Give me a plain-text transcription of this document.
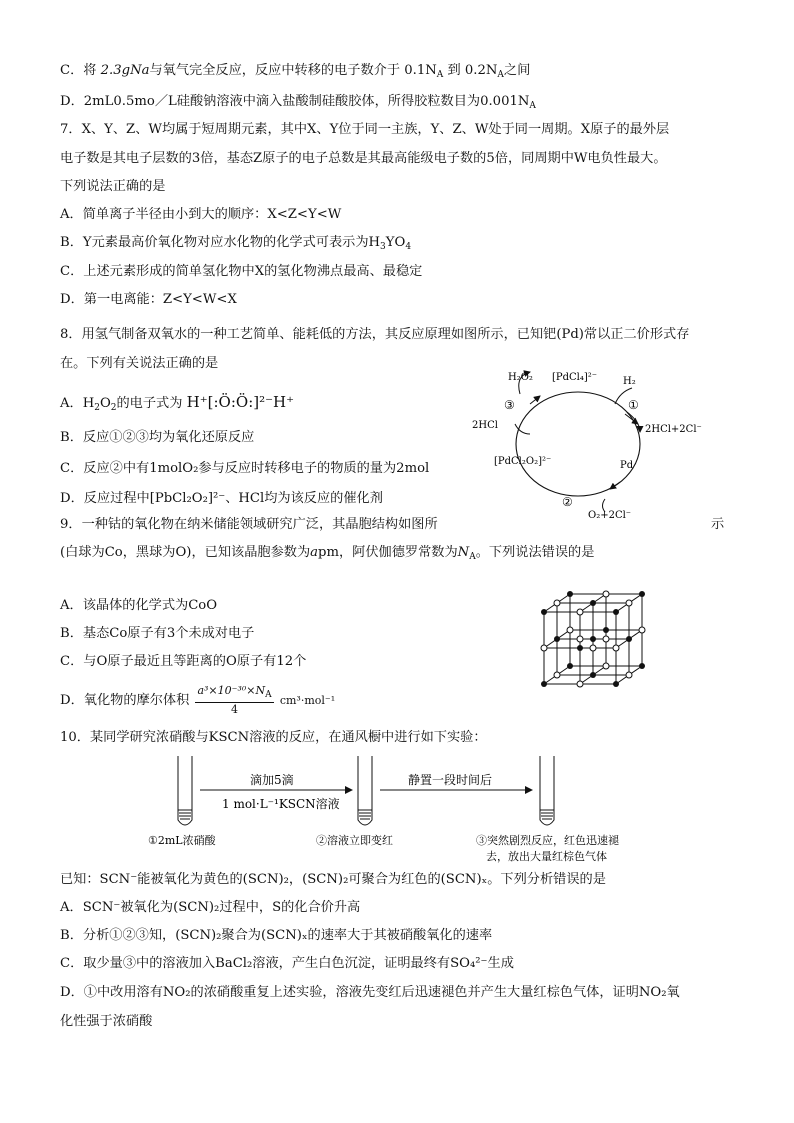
C．将 2.3gNa与氧气完全反应，反应中转移的电子数介于 $0.1N_A$ 到 $0.2N_A$之间
D．2mL0.5mo／L硅酸钠溶液中滴入盐酸制硅酸胶体，所得胶粒数目为$0.001N_A$
7．X、Y、Z、W均属于短周期元素，其中X、Y位于同一主族，Y、Z、W处于同一周期。X原子的最外层
电子数是其电子层数的3倍，基态Z原子的电子总数是其最高能级电子数的5倍，同周期中W电负性最大。
下列说法正确的是
A．简单离子半径由小到大的顺序：X<Z<Y<W
B．Y元素最高价氧化物对应水化物的化学式可表示为$H_3YO_4$
C．上述元素形成的简单氢化物中X的氢化物沸点最高、最稳定
D．第一电离能：Z<Y<W<X
8．用氢气制备双氧水的一种工艺简单、能耗低的方法，其反应原理如图所示，已知钯(Pd)常以正二价形式存
在。下列有关说法正确的是
A．$H_2O_2$的电子式为 H⁺[:Ö:Ö:]²⁻H⁺
B．反应①②③均为氧化还原反应
C．反应②中有1molO₂参与反应时转移电子的物质的量为2mol
D．反应过程中[PbCl₂O₂]²⁻、HCl均为该反应的催化剂
[PdCl₄]²⁻
H₂O₂	H₂
③	①
2HCl	2HCl+2Cl⁻
[PdCl₂O₂]²⁻	Pd
②
O₂+2Cl⁻
9．一种钴的氧化物在纳米储能领域研究广泛，其晶胞结构如图所	示
(白球为Co，黑球为O)，已知该晶胞参数为apm，阿伏伽德罗常数为$N_A$。下列说法错误的是
A．该晶体的化学式为CoO
B．基态Co原子有3个未成对电子
C．与O原子最近且等距离的O原子有12个
D．氧化物的摩尔体积 $\frac{a^3\times 10^{-30}\times N_A}{4} cm^3\cdot mol^{-1}$
10．某同学研究浓硝酸与KSCN溶液的反应，在通风橱中进行如下实验：
滴加5滴
1 mol·L⁻¹KSCN溶液
静置一段时间后
①2mL浓硝酸	②溶液立即变红	③突然剧烈反应，红色迅速褪
去，放出大量红棕色气体
已知：SCN⁻能被氧化为黄色的(SCN)₂，(SCN)₂可聚合为红色的(SCN)ₓ。下列分析错误的是
A．SCN⁻被氧化为(SCN)₂过程中，S的化合价升高
B．分析①②③知，(SCN)₂聚合为(SCN)ₓ的速率大于其被硝酸氧化的速率
C．取少量③中的溶液加入BaCl₂溶液，产生白色沉淀，证明最终有SO₄²⁻生成
D．①中改用溶有NO₂的浓硝酸重复上述实验，溶液先变红后迅速褪色并产生大量红棕色气体，证明NO₂氧
化性强于浓硝酸
